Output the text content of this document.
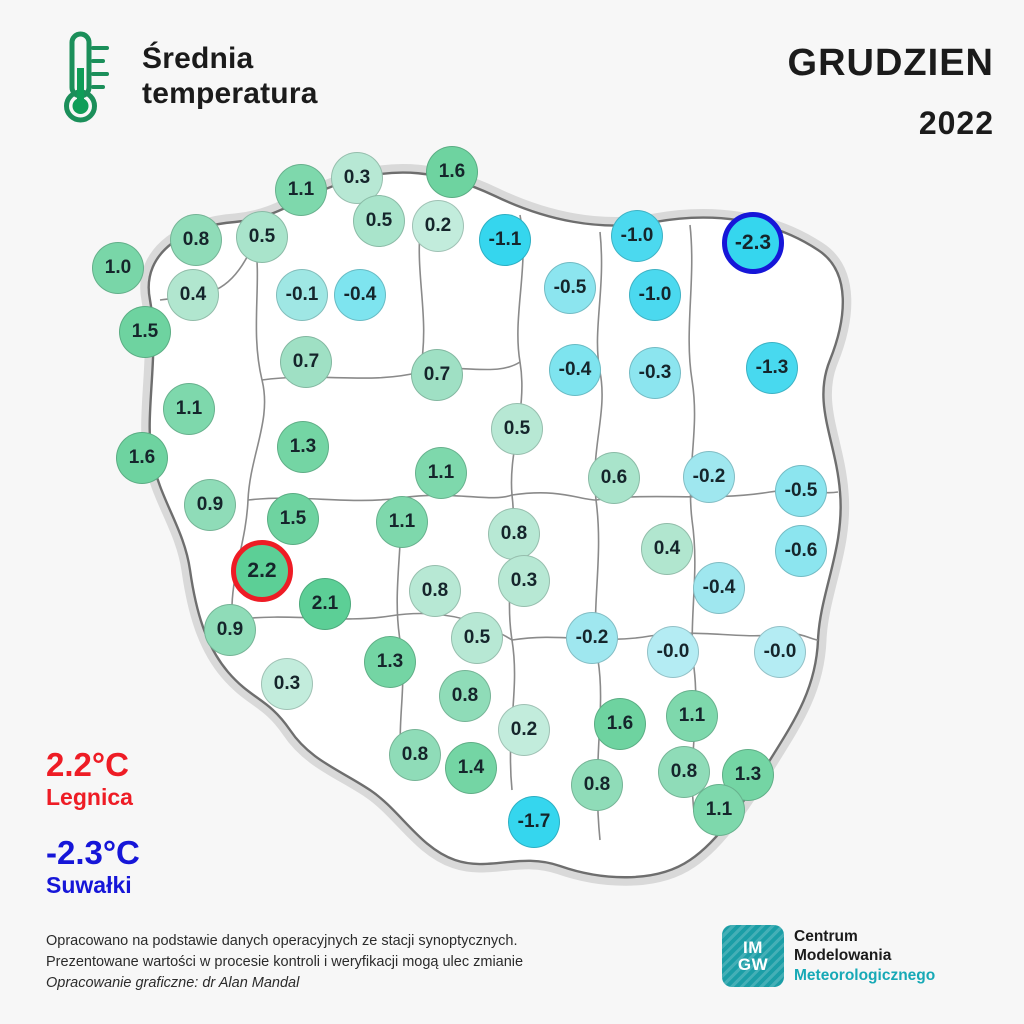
Średnia
temperatura
GRUDZIEN
2022
1.6
0.3
1.1
0.5 0.2
0.8 0.5	-1.1	-1.0	-2.3
1.0
0.4	-0.1 -0.4	-0.5	-1.0
1.5
0.7
0.7	-0.4 -0.3	-1.3
1.1
1.3
0.5
1.6
1.1	0.6	-0.2
-0.5
0.9
1.5	1.1
0.8
0.4	-0.6
2.2
2.1
0.3
0.8	-0.4
0.9	0.5	-0.2
-0.0	-0.0
0.3
1.3
0.8
1.6 1.1
0.8
0.2
1.3
0.8
0.8
1.4
1.1
-1.7
2.2°C
Legnica
-2.3°C
Suwałki
Opracowano na podstawie danych operacyjnych ze stacji synoptycznych.
Prezentowane wartości w procesie kontroli i weryfikacji mogą ulec zmianie
Opracowanie graficzne: dr Alan Mandal
IM
GW
Centrum
Modelowania
Meteorologicznego
